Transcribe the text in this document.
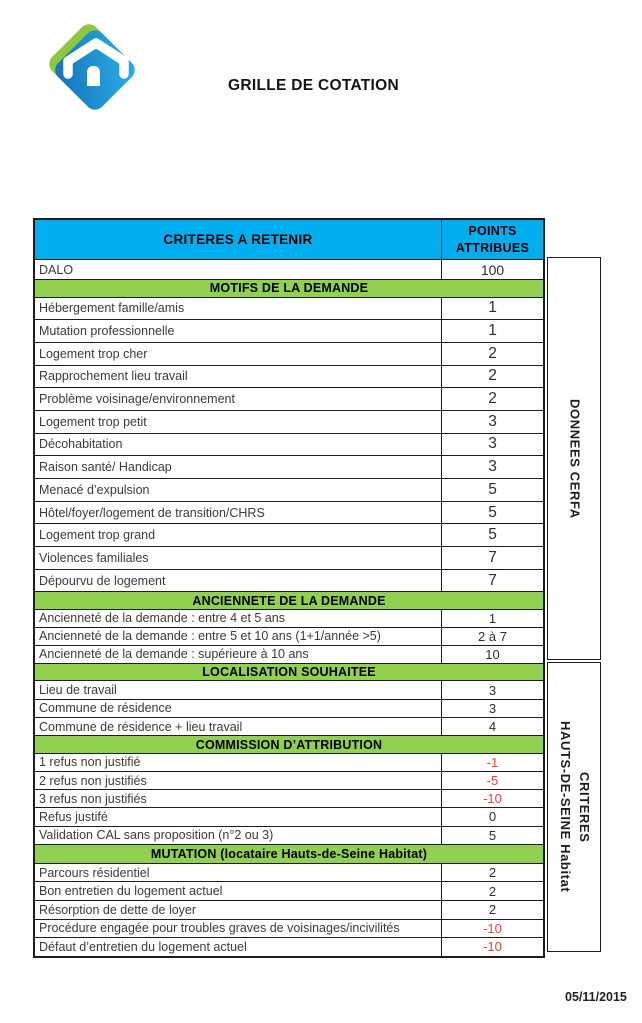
GRILLE DE COTATION
CRITERES A RETENIR
POINTS
ATTRIBUES
DALO	100
MOTIFS DE LA DEMANDE
Hébergement famille/amis	1
Mutation professionnelle	1
Logement trop cher	2
Rapprochement lieu travail	2
Problème voisinage/environnement	2
Logement trop petit	3
Décohabitation	3
Raison santé/ Handicap	3
Menacé d’expulsion	5
Hôtel/foyer/logement de transition/CHRS	5
Logement trop grand	5
Violences familiales	7
Dépourvu de logement	7
ANCIENNETE DE LA DEMANDE
Ancienneté de la demande : entre 4 et 5 ans	1
Ancienneté de la demande : entre 5 et 10 ans (1+1/année >5)	2 à 7
Ancienneté de la demande : supérieure à 10 ans	10
LOCALISATION SOUHAITEE
Lieu de travail	3
Commune de résidence	3
Commune de résidence + lieu travail	4
COMMISSION D’ATTRIBUTION
1 refus non justifié	-1
2 refus non justifiés	-5
3 refus non justifiés	-10
Refus justifé	0
Validation CAL sans proposition (n°2 ou 3)	5
MUTATION (locataire Hauts-de-Seine Habitat)
Parcours résidentiel	2
Bon entretien du logement actuel	2
Résorption de dette de loyer	2
Procédure engagée pour troubles graves de voisinages/incivilités	-10
Défaut d’entretien du logement actuel	-10
DONNEES CERFA
CRITERES
HAUTS-DE-SEINE Habitat
05/11/2015
